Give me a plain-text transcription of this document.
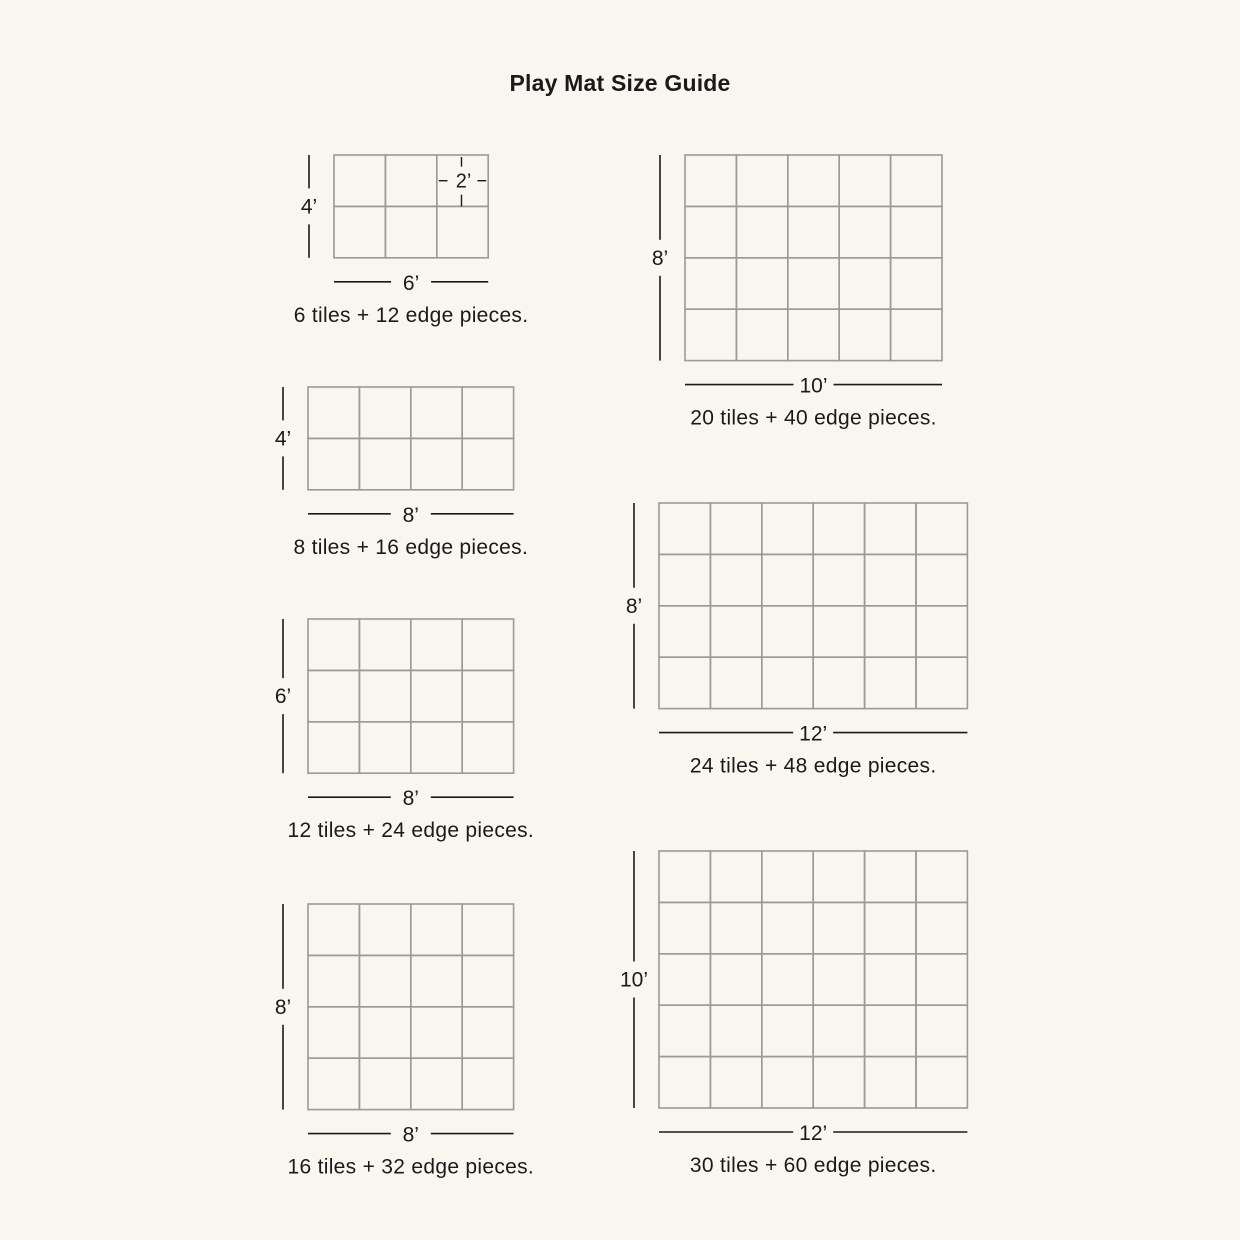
Play Mat Size Guide
4’
6’
6 tiles + 12 edge pieces.
2’
4’
8’
8 tiles + 16 edge pieces.
6’
8’
12 tiles + 24 edge pieces.
8’
8’
16 tiles + 32 edge pieces.
8’
10’
20 tiles + 40 edge pieces.
8’
12’
24 tiles + 48 edge pieces.
10’
12’
30 tiles + 60 edge pieces.
